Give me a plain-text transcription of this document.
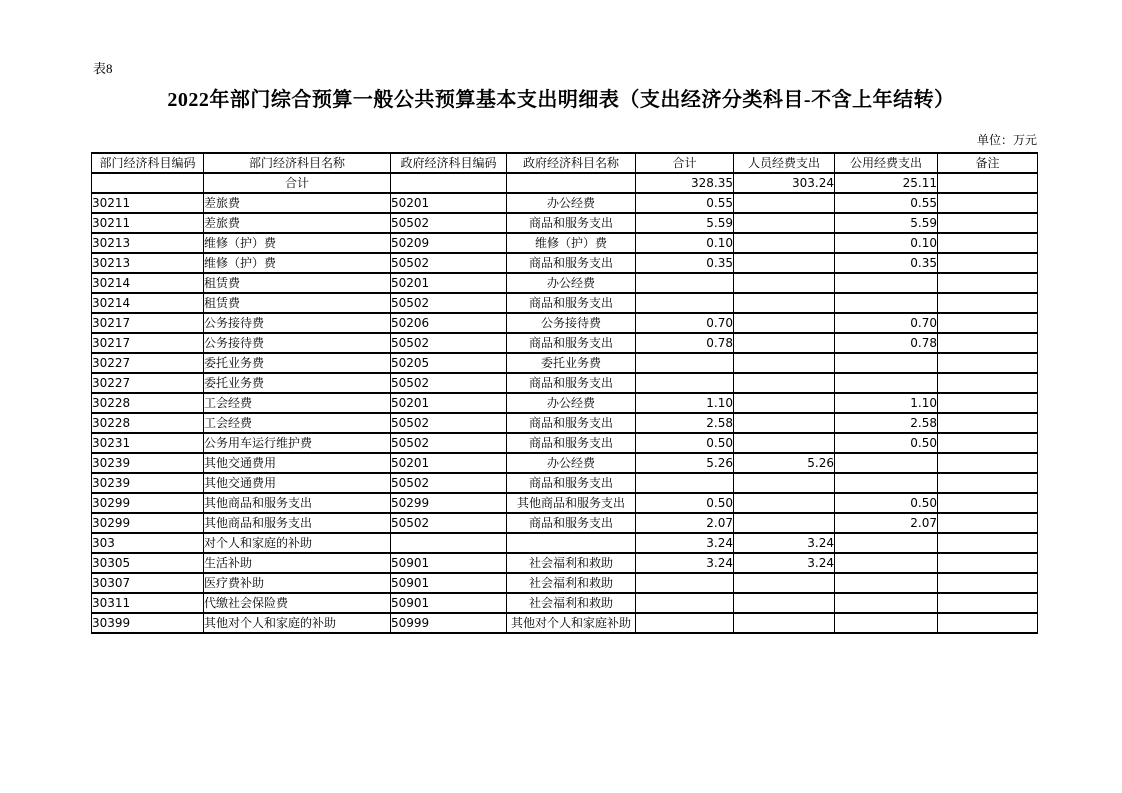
表8
2022年部门综合预算一般公共预算基本支出明细表（支出经济分类科目-不含上年结转）
单位：万元
部门经济科目编码	部门经济科目名称	政府经济科目编码	政府经济科目名称	合计	人员经费支出	公用经费支出	备注
	合计			328.35	303.24	25.11	
30211	差旅费	50201	办公经费	0.55		0.55	
30211	差旅费	50502	商品和服务支出	5.59		5.59	
30213	维修（护）费	50209	维修（护）费	0.10		0.10	
30213	维修（护）费	50502	商品和服务支出	0.35		0.35	
30214	租赁费	50201	办公经费				
30214	租赁费	50502	商品和服务支出				
30217	公务接待费	50206	公务接待费	0.70		0.70	
30217	公务接待费	50502	商品和服务支出	0.78		0.78	
30227	委托业务费	50205	委托业务费				
30227	委托业务费	50502	商品和服务支出				
30228	工会经费	50201	办公经费	1.10		1.10	
30228	工会经费	50502	商品和服务支出	2.58		2.58	
30231	公务用车运行维护费	50502	商品和服务支出	0.50		0.50	
30239	其他交通费用	50201	办公经费	5.26	5.26		
30239	其他交通费用	50502	商品和服务支出				
30299	其他商品和服务支出	50299	其他商品和服务支出	0.50		0.50	
30299	其他商品和服务支出	50502	商品和服务支出	2.07		2.07	
303	对个人和家庭的补助			3.24	3.24		
30305	生活补助	50901	社会福利和救助	3.24	3.24		
30307	医疗费补助	50901	社会福利和救助				
30311	代缴社会保险费	50901	社会福利和救助				
30399	其他对个人和家庭的补助	50999	其他对个人和家庭补助				
